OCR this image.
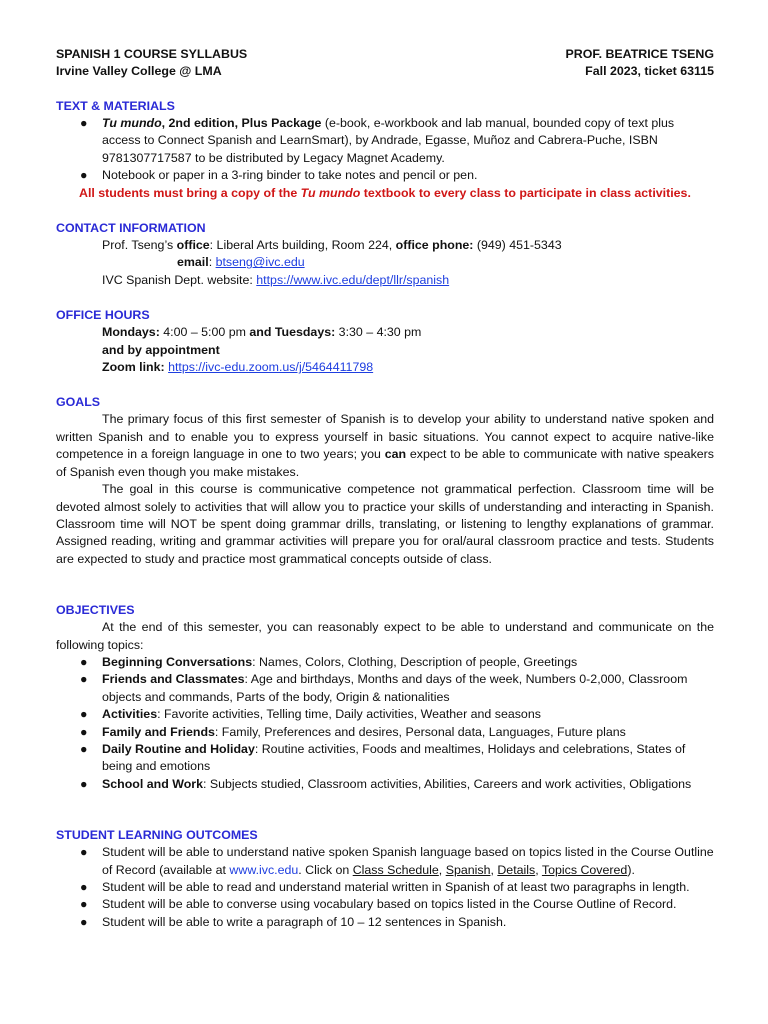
SPANISH 1 COURSE SYLLABUS
Irvine Valley College @ LMA
PROF. BEATRICE TSENG
Fall 2023, ticket 63115
TEXT & MATERIALS
● Tu mundo, 2nd edition, Plus Package (e-book, e-workbook and lab manual, bounded copy of text plus access to Connect Spanish and LearnSmart), by Andrade, Egasse, Muñoz and Cabrera-Puche, ISBN 9781307717587 to be distributed by Legacy Magnet Academy.
● Notebook or paper in a 3-ring binder to take notes and pencil or pen.
All students must bring a copy of the Tu mundo textbook to every class to participate in class activities.
CONTACT INFORMATION
Prof. Tseng’s office: Liberal Arts building, Room 224, office phone: (949) 451-5343
email: btseng@ivc.edu
IVC Spanish Dept. website: https://www.ivc.edu/dept/llr/spanish
OFFICE HOURS
Mondays: 4:00 – 5:00 pm and Tuesdays: 3:30 – 4:30 pm
and by appointment
Zoom link: https://ivc-edu.zoom.us/j/5464411798
GOALS
The primary focus of this first semester of Spanish is to develop your ability to understand native spoken and written Spanish and to enable you to express yourself in basic situations. You cannot expect to acquire native-like competence in a foreign language in one to two years; you can expect to be able to communicate with native speakers of Spanish even though you make mistakes.
The goal in this course is communicative competence not grammatical perfection. Classroom time will be devoted almost solely to activities that will allow you to practice your skills of understanding and interacting in Spanish. Classroom time will NOT be spent doing grammar drills, translating, or listening to lengthy explanations of grammar. Assigned reading, writing and grammar activities will prepare you for oral/aural classroom practice and tests. Students are expected to study and practice most grammatical concepts outside of class.
OBJECTIVES
At the end of this semester, you can reasonably expect to be able to understand and communicate on the following topics:
● Beginning Conversations: Names, Colors, Clothing, Description of people, Greetings
● Friends and Classmates: Age and birthdays, Months and days of the week, Numbers 0-2,000, Classroom objects and commands, Parts of the body, Origin & nationalities
● Activities: Favorite activities, Telling time, Daily activities, Weather and seasons
● Family and Friends: Family, Preferences and desires, Personal data, Languages, Future plans
● Daily Routine and Holiday: Routine activities, Foods and mealtimes, Holidays and celebrations, States of being and emotions
● School and Work: Subjects studied, Classroom activities, Abilities, Careers and work activities, Obligations
STUDENT LEARNING OUTCOMES
● Student will be able to understand native spoken Spanish language based on topics listed in the Course Outline of Record (available at www.ivc.edu. Click on Class Schedule, Spanish, Details, Topics Covered).
● Student will be able to read and understand material written in Spanish of at least two paragraphs in length.
● Student will be able to converse using vocabulary based on topics listed in the Course Outline of Record.
● Student will be able to write a paragraph of 10 – 12 sentences in Spanish.
